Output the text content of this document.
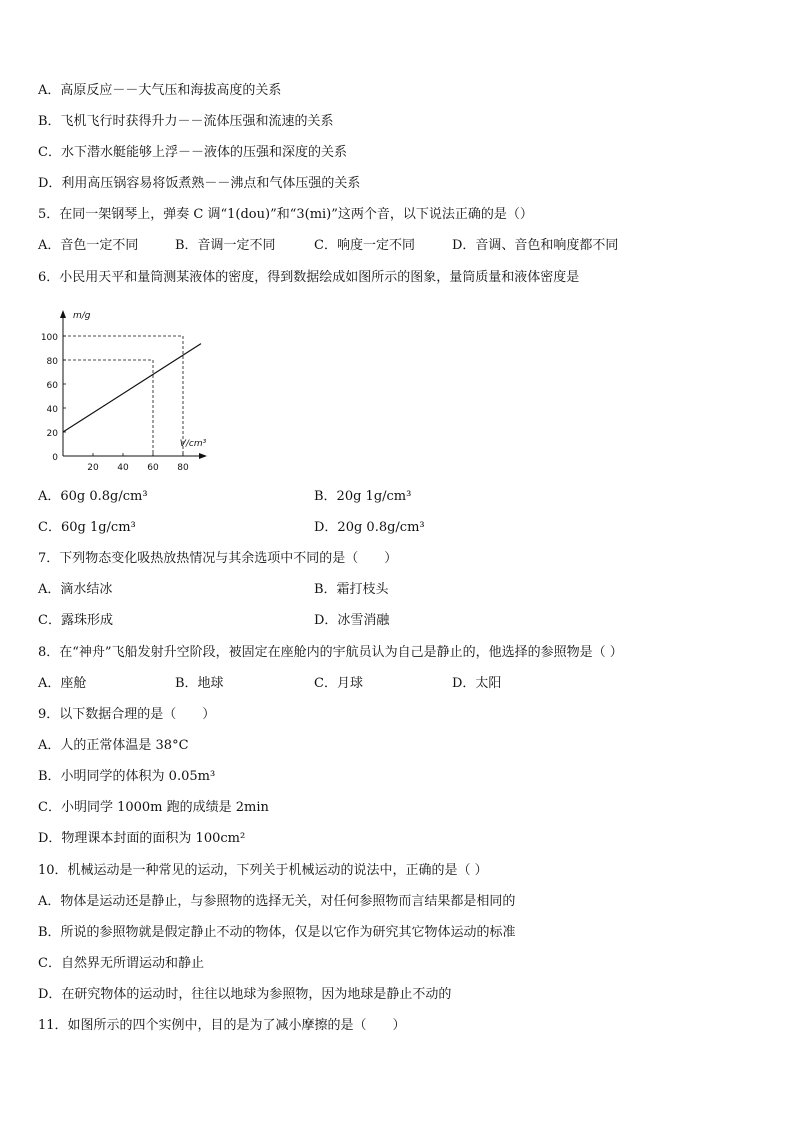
A．高原反应－－大气压和海拔高度的关系
B．飞机飞行时获得升力－－流体压强和流速的关系
C．水下潜水艇能够上浮－－液体的压强和深度的关系
D．利用高压锅容易将饭煮熟－－沸点和气体压强的关系
5．在同一架钢琴上，弹奏 C 调“1(dou)”和“3(mi)”这两个音，以下说法正确的是（）
A．音色一定不同	B．音调一定不同	C．响度一定不同	D．音调、音色和响度都不同
6．小民用天平和量筒测某液体的密度，得到数据绘成如图所示的图象，量筒质量和液体密度是
0
20
40
60
80
100
20 40 60 80
m/g
V/cm³
A．60g 0.8g/cm³	B．20g 1g/cm³
C．60g 1g/cm³	D．20g 0.8g/cm³
7．下列物态变化吸热放热情况与其余选项中不同的是（　　）
A．滴水结冰	B．霜打枝头
C．露珠形成	D．冰雪消融
8．在“神舟”飞船发射升空阶段，被固定在座舱内的宇航员认为自己是静止的，他选择的参照物是（ ）
A．座舱	B．地球	C．月球	D．太阳
9．以下数据合理的是（　　）
A．人的正常体温是 38°C
B．小明同学的体积为 0.05m³
C．小明同学 1000m 跑的成绩是 2min
D．物理课本封面的面积为 100cm²
10．机械运动是一种常见的运动，下列关于机械运动的说法中，正确的是（ ）
A．物体是运动还是静止，与参照物的选择无关，对任何参照物而言结果都是相同的
B．所说的参照物就是假定静止不动的物体，仅是以它作为研究其它物体运动的标准
C．自然界无所谓运动和静止
D．在研究物体的运动时，往往以地球为参照物，因为地球是静止不动的
11．如图所示的四个实例中，目的是为了减小摩擦的是（　　）
